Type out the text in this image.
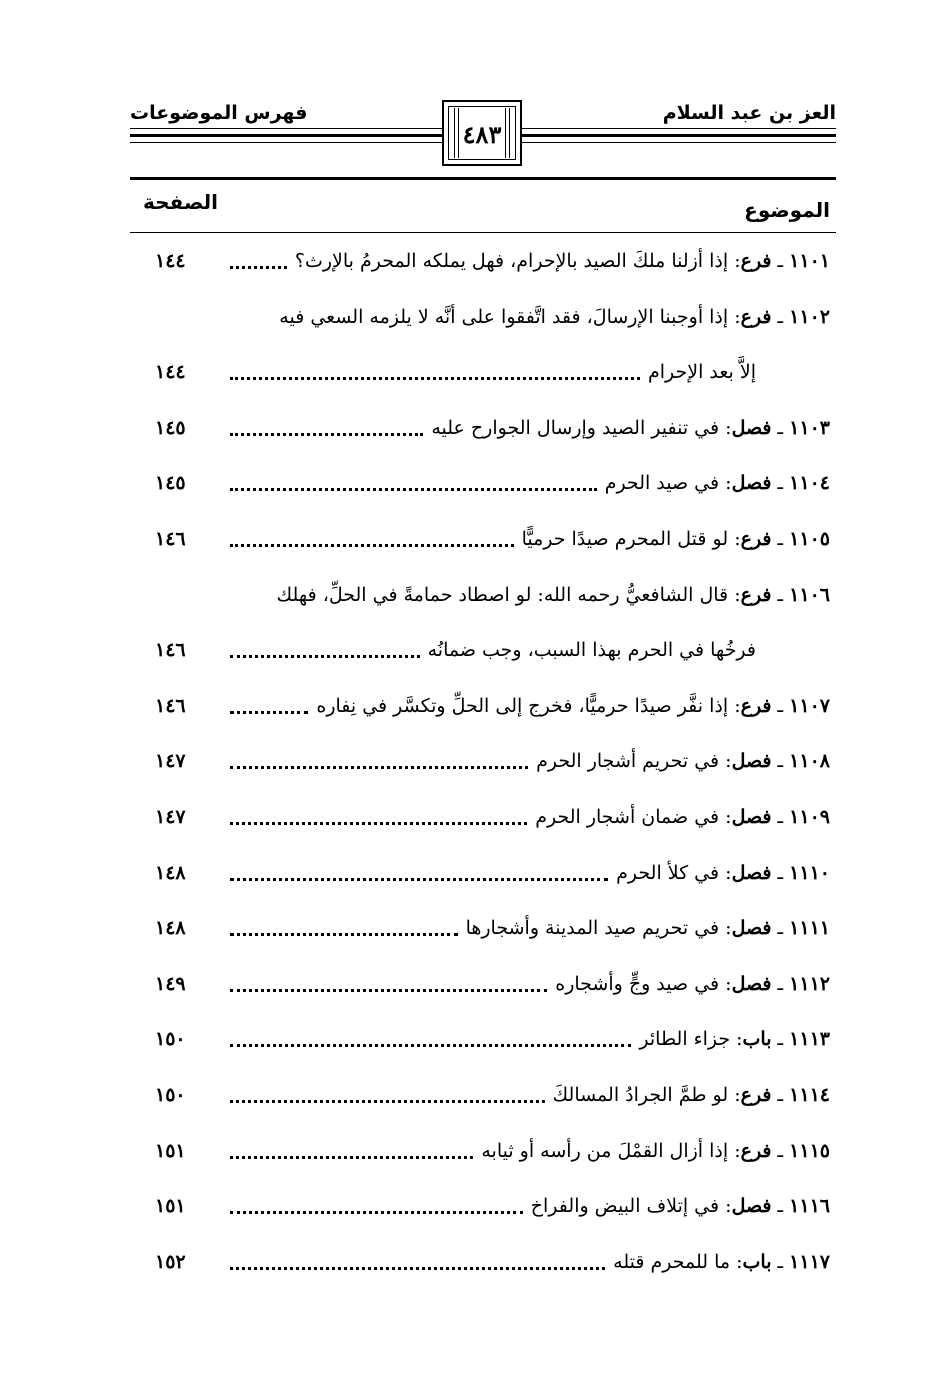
العز بن عبد السلام
فهرس الموضوعات
٤٨٣
الموضوع
الصفحة
١١٠١ ـ فرع: إذا أزلنا ملكَ الصيد بالإحرام، فهل يملكه المحرمُ بالإرث؟
١٤٤
١١٠٢ ـ فرع: إذا أوجبنا الإرسالَ، فقد اتَّفقوا على أنَّه لا يلزمه السعي فيه
إلاَّ بعد الإحرام
١٤٤
١١٠٣ ـ فصل: في تنفير الصيد وإرسال الجوارح عليه
١٤٥
١١٠٤ ـ فصل: في صيد الحرم
١٤٥
١١٠٥ ـ فرع: لو قتل المحرم صيدًا حرميًّا
١٤٦
١١٠٦ ـ فرع: قال الشافعيُّ رحمه الله: لو اصطاد حمامةً في الحلِّ، فهلك
فرخُها في الحرم بهذا السبب، وجب ضمانُه
١٤٦
١١٠٧ ـ فرع: إذا نفَّر صيدًا حرميًّا، فخرج إلى الحلِّ وتكسَّر في نِفاره
١٤٦
١١٠٨ ـ فصل: في تحريم أشجار الحرم
١٤٧
١١٠٩ ـ فصل: في ضمان أشجار الحرم
١٤٧
١١١٠ ـ فصل: في كلأ الحرم
١٤٨
١١١١ ـ فصل: في تحريم صيد المدينة وأشجارها
١٤٨
١١١٢ ـ فصل: في صيد وجٍّ وأشجاره
١٤٩
١١١٣ ـ باب: جزاء الطائر
١٥٠
١١١٤ ـ فرع: لو طمَّ الجرادُ المسالكَ
١٥٠
١١١٥ ـ فرع: إذا أزال القمْلَ من رأسه أو ثيابه
١٥١
١١١٦ ـ فصل: في إتلاف البيض والفراخ
١٥١
١١١٧ ـ باب: ما للمحرم قتله
١٥٢
